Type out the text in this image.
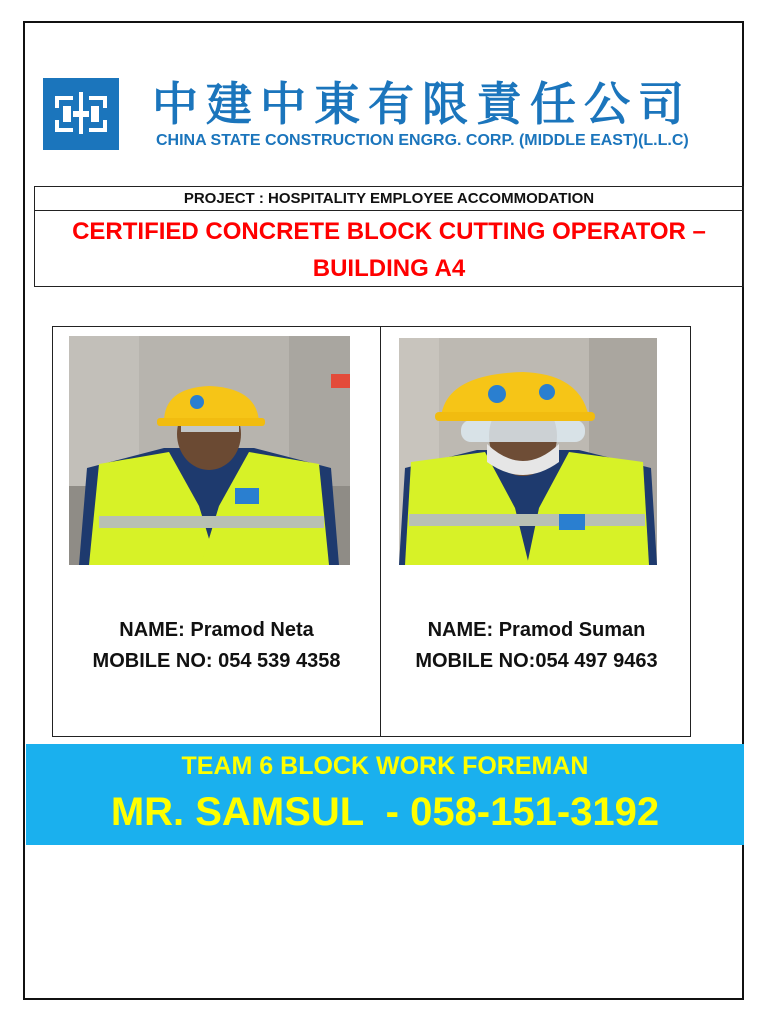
中建中東有限責任公司
CHINA STATE CONSTRUCTION ENGRG. CORP. (MIDDLE EAST)(L.L.C)
PROJECT : HOSPITALITY EMPLOYEE ACCOMMODATION
CERTIFIED CONCRETE BLOCK CUTTING OPERATOR –
BUILDING A4
NAME: Pramod Neta
MOBILE NO: 054 539 4358
NAME: Pramod Suman
MOBILE NO:054 497 9463
TEAM 6 BLOCK WORK FOREMAN
MR. SAMSUL  - 058-151-3192
